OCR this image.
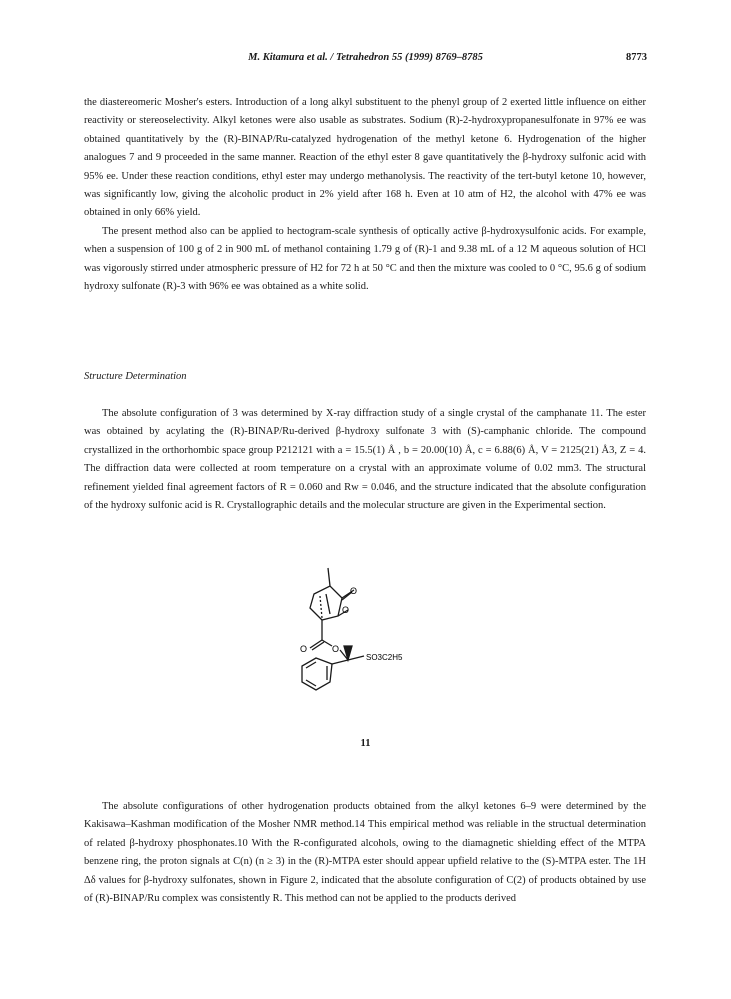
M. Kitamura et al. / Tetrahedron 55 (1999) 8769–8785	8773

the diastereomeric Mosher's esters. Introduction of a long alkyl substituent to the phenyl group of 2 exerted little influence on either reactivity or stereoselectivity. Alkyl ketones were also usable as substrates. Sodium (R)-2-hydroxypropanesulfonate in 97% ee was obtained quantitatively by the (R)-BINAP/Ru-catalyzed hydrogenation of the methyl ketone 6. Hydrogenation of the higher analogues 7 and 9 proceeded in the same manner. Reaction of the ethyl ester 8 gave quantitatively the β-hydroxy sulfonic acid with 95% ee. Under these reaction conditions, ethyl ester may undergo methanolysis. The reactivity of the tert-butyl ketone 10, however, was significantly low, giving the alcoholic product in 2% yield after 168 h. Even at 10 atm of H2, the alcohol with 47% ee was obtained in only 66% yield.

The present method also can be applied to hectogram-scale synthesis of optically active β-hydroxysulfonic acids. For example, when a suspension of 100 g of 2 in 900 mL of methanol containing 1.79 g of (R)-1 and 9.38 mL of a 12 M aqueous solution of HCl was vigorously stirred under atmospheric pressure of H2 for 72 h at 50 °C and then the mixture was cooled to 0 °C, 95.6 g of sodium hydroxy sulfonate (R)-3 with 96% ee was obtained as a white solid.

Structure Determination

The absolute configuration of 3 was determined by X-ray diffraction study of a single crystal of the camphanate 11. The ester was obtained by acylating the (R)-BINAP/Ru-derived β-hydroxy sulfonate 3 with (S)-camphanic chloride. The compound crystallized in the orthorhombic space group P212121 with a = 15.5(1) Å , b = 20.00(10) Å, c = 6.88(6) Å, V = 2125(21) Å3, Z = 4. The diffraction data were collected at room temperature on a crystal with an approximate volume of 0.02 mm3. The structural refinement yielded final agreement factors of R = 0.060 and Rw = 0.046, and the structure indicated that the absolute configuration of the hydroxy sulfonic acid is R. Crystallographic details and the molecular structure are given in the Experimental section.

O
O
O	O
SO3C2H5
11

The absolute configurations of other hydrogenation products obtained from the alkyl ketones 6–9 were determined by the Kakisawa–Kashman modification of the Mosher NMR method.14 This empirical method was reliable in the structual determination of related β-hydroxy phosphonates.10 With the R-configurated alcohols, owing to the diamagnetic shielding effect of the MTPA benzene ring, the proton signals at C(n) (n ≥ 3) in the (R)-MTPA ester should appear upfield relative to the (S)-MTPA ester. The 1H Δδ values for β-hydroxy sulfonates, shown in Figure 2, indicated that the absolute configuration of C(2) of products obtained by use of (R)-BINAP/Ru complex was consistently R. This method can not be applied to the products derived
